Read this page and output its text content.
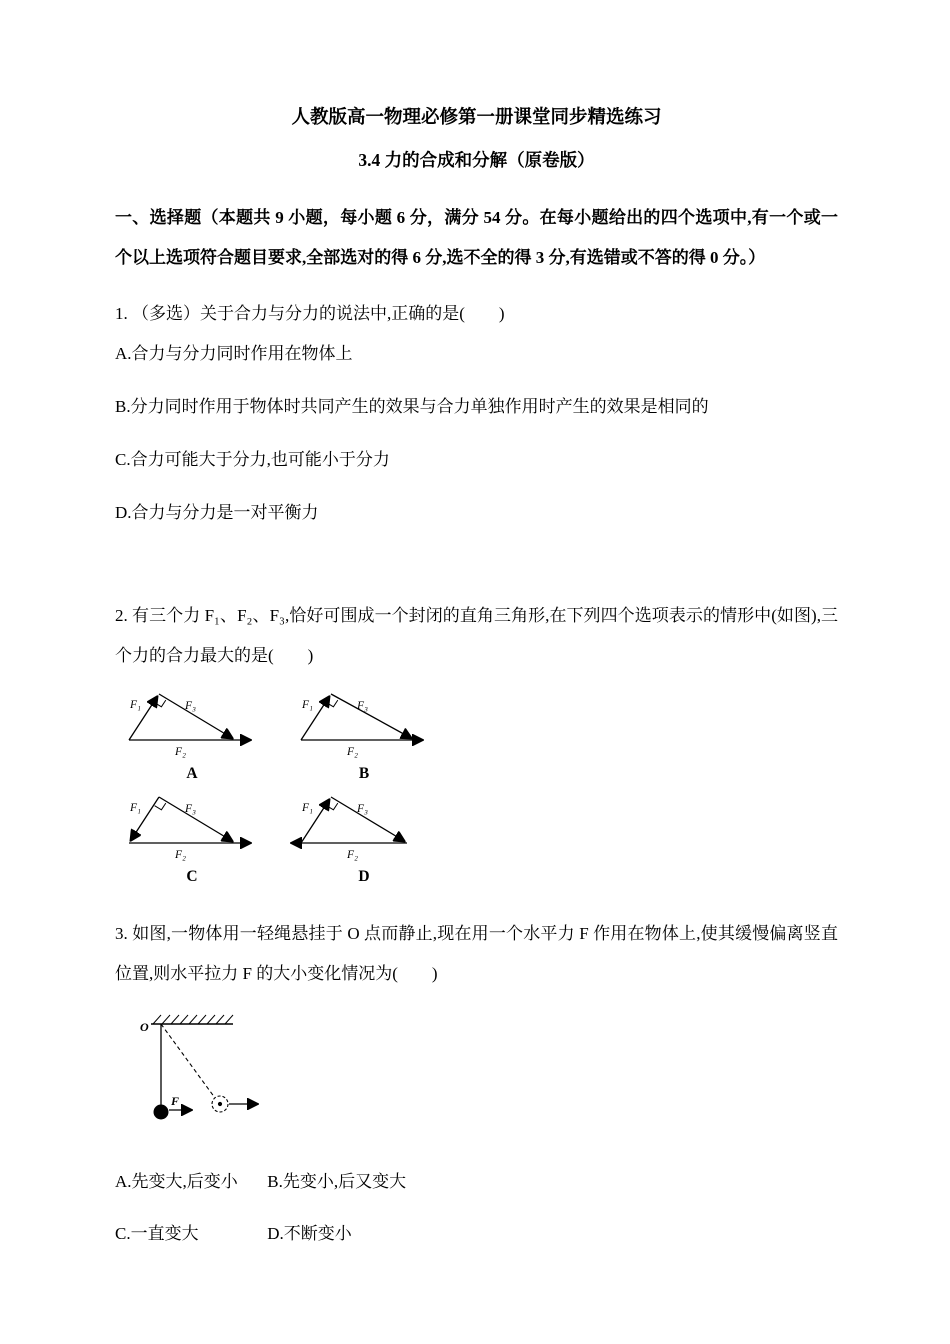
人教版高一物理必修第一册课堂同步精选练习
3.4 力的合成和分解（原卷版）

一、选择题（本题共 9 小题，每小题 6 分，满分 54 分。在每小题给出的四个选项中,有一个或一个以上选项符合题目要求,全部选对的得 6 分,选不全的得 3 分,有选错或不答的得 0 分。）

1. （多选）关于合力与分力的说法中,正确的是(　　)

A.合力与分力同时作用在物体上

B.分力同时作用于物体时共同产生的效果与合力单独作用时产生的效果是相同的

C.合力可能大于分力,也可能小于分力

D.合力与分力是一对平衡力

2. 有三个力 F₁、F₂、F₃,恰好可围成一个封闭的直角三角形,在下列四个选项表示的情形中(如图),三个力的合力最大的是(　　)

F₁	F₃
F₂
A
F₁	F₃
F₂
B
F₁	F₃
F₂
C
F₁	F₃
F₂
D

3. 如图,一物体用一轻绳悬挂于 O 点而静止,现在用一个水平力 F 作用在物体上,使其缓慢偏离竖直位置,则水平拉力 F 的大小变化情况为(　　)

O
F

A.先变大,后变小 B.先变小,后又变大

C.一直变大	D.不断变小
